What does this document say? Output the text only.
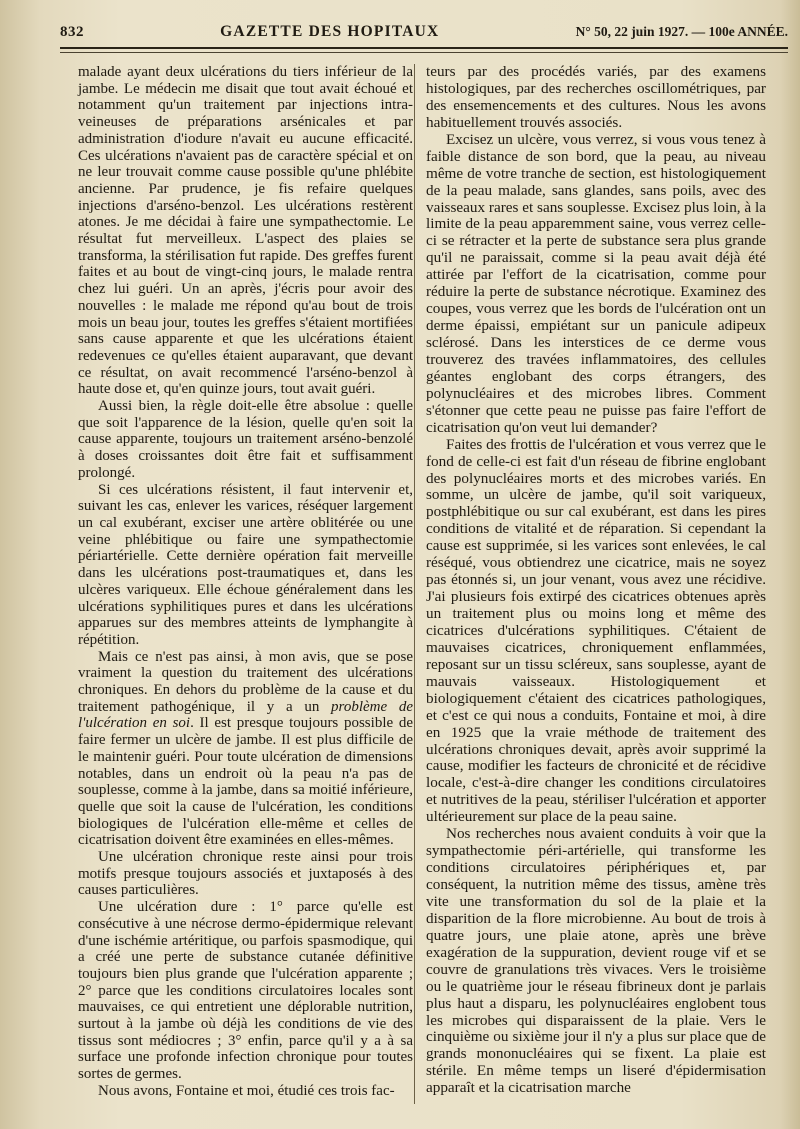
832	GAZETTE DES HOPITAUX	N° 50, 22 juin 1927. — 100e ANNÉE.

malade ayant deux ulcérations du tiers inférieur de la jambe. Le médecin me disait que tout avait échoué et notamment qu'un traitement par injections intra-veineuses de préparations arsénicales et par administration d'iodure n'avait eu aucune efficacité. Ces ulcérations n'avaient pas de caractère spécial et on ne leur trouvait comme cause possible qu'une phlébite ancienne. Par prudence, je fis refaire quelques injections d'arséno-benzol. Les ulcérations restèrent atones. Je me décidai à faire une sympathectomie. Le résultat fut merveilleux. L'aspect des plaies se transforma, la stérilisation fut rapide. Des greffes furent faites et au bout de vingt-cinq jours, le malade rentra chez lui guéri. Un an après, j'écris pour avoir des nouvelles : le malade me répond qu'au bout de trois mois un beau jour, toutes les greffes s'étaient mortifiées sans cause apparente et que les ulcérations étaient redevenues ce qu'elles étaient auparavant, que devant ce résultat, on avait recommencé l'arséno-benzol à haute dose et, qu'en quinze jours, tout avait guéri.

Aussi bien, la règle doit-elle être absolue : quelle que soit l'apparence de la lésion, quelle qu'en soit la cause apparente, toujours un traitement arséno-benzolé à doses croissantes doit être fait et suffisamment prolongé.

Si ces ulcérations résistent, il faut intervenir et, suivant les cas, enlever les varices, réséquer largement un cal exubérant, exciser une artère oblitérée ou une veine phlébitique ou faire une sympathectomie périartérielle. Cette dernière opération fait merveille dans les ulcérations post-traumatiques et, dans les ulcères variqueux. Elle échoue généralement dans les ulcérations syphilitiques pures et dans les ulcérations apparues sur des membres atteints de lymphangite à répétition.

Mais ce n'est pas ainsi, à mon avis, que se pose vraiment la question du traitement des ulcérations chroniques. En dehors du problème de la cause et du traitement pathogénique, il y a un problème de l'ulcération en soi. Il est presque toujours possible de faire fermer un ulcère de jambe. Il est plus difficile de le maintenir guéri. Pour toute ulcération de dimensions notables, dans un endroit où la peau n'a pas de souplesse, comme à la jambe, dans sa moitié inférieure, quelle que soit la cause de l'ulcération, les conditions biologiques de l'ulcération elle-même et celles de cicatrisation doivent être examinées en elles-mêmes.

Une ulcération chronique reste ainsi pour trois motifs presque toujours associés et juxtaposés à des causes particulières.

Une ulcération dure : 1° parce qu'elle est consécutive à une nécrose dermo-épidermique relevant d'une ischémie artéritique, ou parfois spasmodique, qui a créé une perte de substance cutanée définitive toujours bien plus grande que l'ulcération apparente ; 2° parce que les conditions circulatoires locales sont mauvaises, ce qui entretient une déplorable nutrition, surtout à la jambe où déjà les conditions de vie des tissus sont médiocres ; 3° enfin, parce qu'il y a à sa surface une profonde infection chronique pour toutes sortes de germes.

Nous avons, Fontaine et moi, étudié ces trois fac-

teurs par des procédés variés, par des examens histologiques, par des recherches oscillométriques, par des ensemencements et des cultures. Nous les avons habituellement trouvés associés.

Excisez un ulcère, vous verrez, si vous vous tenez à faible distance de son bord, que la peau, au niveau même de votre tranche de section, est histologiquement de la peau malade, sans glandes, sans poils, avec des vaisseaux rares et sans souplesse. Excisez plus loin, à la limite de la peau apparemment saine, vous verrez celle-ci se rétracter et la perte de substance sera plus grande qu'il ne paraissait, comme si la peau avait déjà été attirée par l'effort de la cicatrisation, comme pour réduire la perte de substance nécrotique. Examinez des coupes, vous verrez que les bords de l'ulcération ont un derme épaissi, empiétant sur un panicule adipeux sclérosé. Dans les interstices de ce derme vous trouverez des travées inflammatoires, des cellules géantes englobant des corps étrangers, des polynucléaires et des microbes libres. Comment s'étonner que cette peau ne puisse pas faire l'effort de cicatrisation qu'on veut lui demander?

Faites des frottis de l'ulcération et vous verrez que le fond de celle-ci est fait d'un réseau de fibrine englobant des polynucléaires morts et des microbes variés. En somme, un ulcère de jambe, qu'il soit variqueux, postphlébitique ou sur cal exubérant, est dans les pires conditions de vitalité et de réparation. Si cependant la cause est supprimée, si les varices sont enlevées, le cal réséqué, vous obtiendrez une cicatrice, mais ne soyez pas étonnés si, un jour venant, vous avez une récidive. J'ai plusieurs fois extirpé des cicatrices obtenues après un traitement plus ou moins long et même des cicatrices d'ulcérations syphilitiques. C'étaient de mauvaises cicatrices, chroniquement enflammées, reposant sur un tissu scléreux, sans souplesse, ayant de mauvais vaisseaux. Histologiquement et biologiquement c'étaient des cicatrices pathologiques, et c'est ce qui nous a conduits, Fontaine et moi, à dire en 1925 que la vraie méthode de traitement des ulcérations chroniques devait, après avoir supprimé la cause, modifier les facteurs de chronicité et de récidive locale, c'est-à-dire changer les conditions circulatoires et nutritives de la peau, stériliser l'ulcération et apporter ultérieurement sur place de la peau saine.

Nos recherches nous avaient conduits à voir que la sympathectomie péri-artérielle, qui transforme les conditions circulatoires périphériques et, par conséquent, la nutrition même des tissus, amène très vite une transformation du sol de la plaie et la disparition de la flore microbienne. Au bout de trois à quatre jours, une plaie atone, après une brève exagération de la suppuration, devient rouge vif et se couvre de granulations très vivaces. Vers le troisième ou le quatrième jour le réseau fibrineux dont je parlais plus haut a disparu, les polynucléaires englobent tous les microbes qui disparaissent de la plaie. Vers le cinquième ou sixième jour il n'y a plus sur place que de grands mononucléaires qui se fixent. La plaie est stérile. En même temps un liseré d'épidermisation apparaît et la cicatrisation marche
